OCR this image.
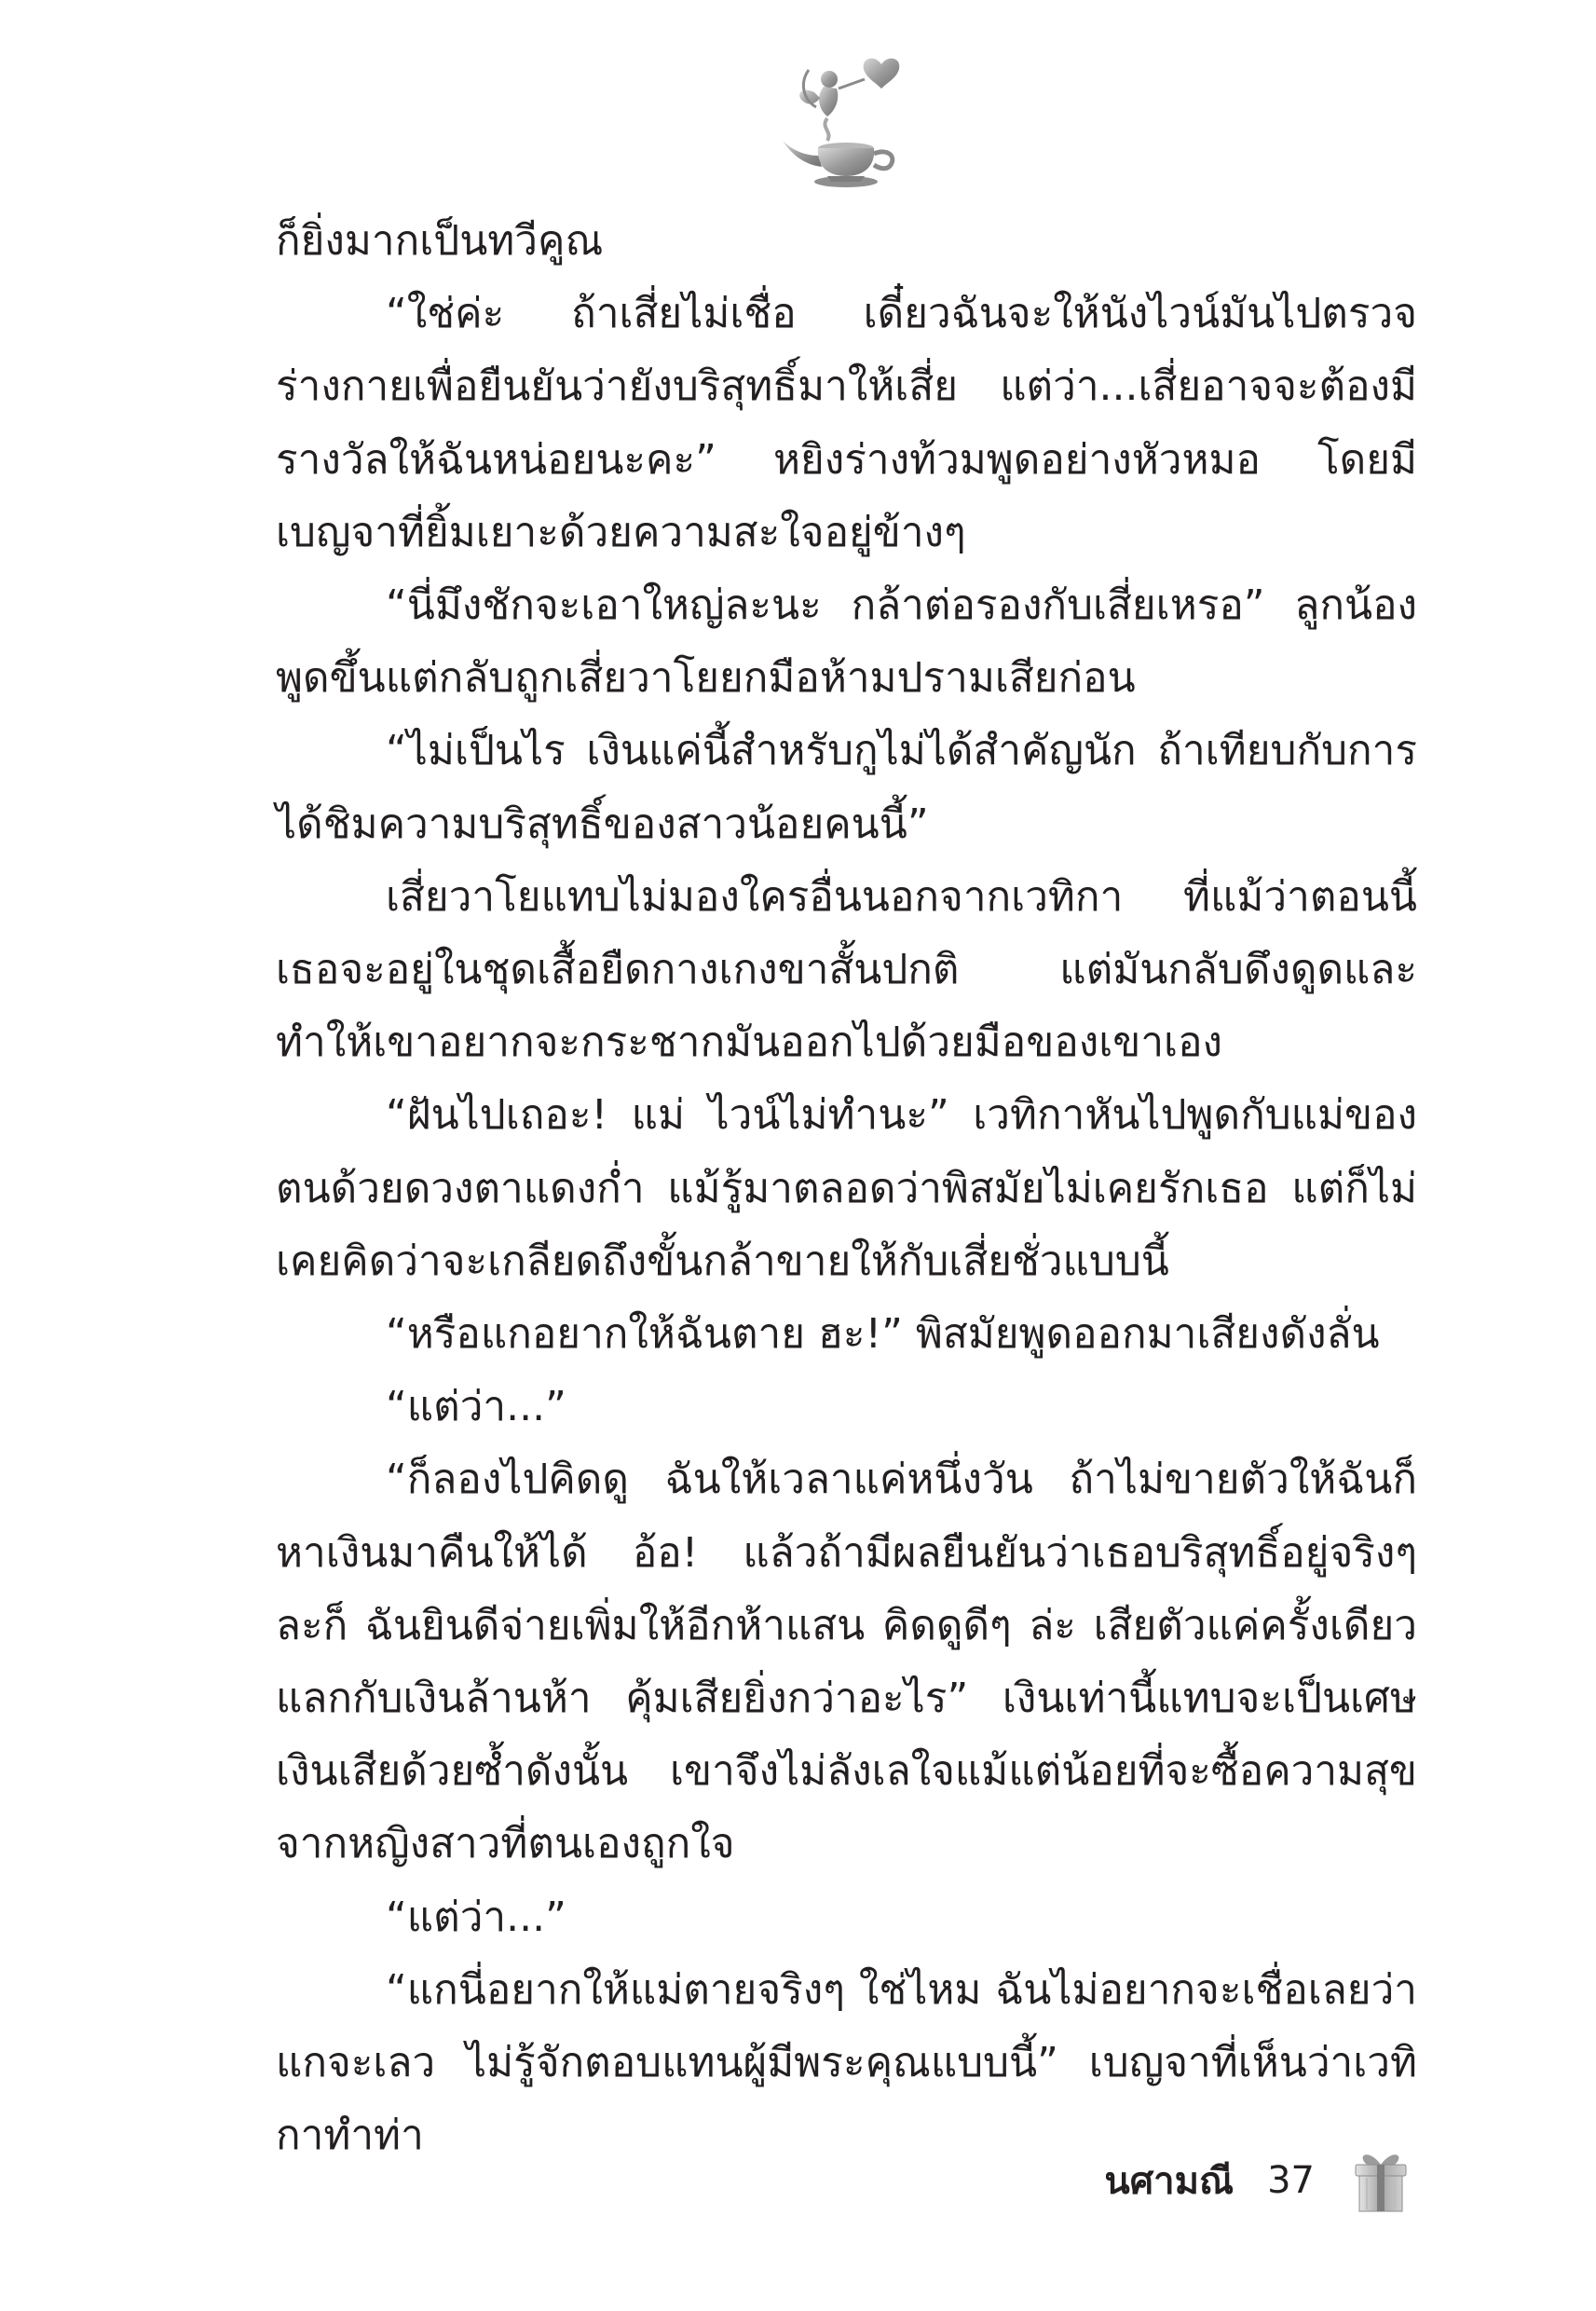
ก็ยิ่งมากเป็นทวีคูณ

“ใช่ค่ะ ถ้าเสี่ยไม่เชื่อ เดี๋ยวฉันจะให้นังไวน์มันไปตรวจร่างกายเพื่อยืนยันว่ายังบริสุทธิ์มาให้เสี่ย แต่ว่า...เสี่ยอาจจะต้องมีรางวัลให้ฉันหน่อยนะคะ” หยิงร่างท้วมพูดอย่างหัวหมอ โดยมีเบญจาที่ยิ้มเยาะด้วยความสะใจอยู่ข้างๆ

“นี่มึงชักจะเอาใหญ่ละนะ กล้าต่อรองกับเสี่ยเหรอ” ลูกน้องพูดขึ้นแต่กลับถูกเสี่ยวาโยยกมือห้ามปรามเสียก่อน

“ไม่เป็นไร เงินแค่นี้สำหรับกูไม่ได้สำคัญนัก ถ้าเทียบกับการได้ชิมความบริสุทธิ์ของสาวน้อยคนนี้”

เสี่ยวาโยแทบไม่มองใครอื่นนอกจากเวทิกา ที่แม้ว่าตอนนี้เธอจะอยู่ในชุดเสื้อยืดกางเกงขาสั้นปกติ แต่มันกลับดึงดูดและทำให้เขาอยากจะกระชากมันออกไปด้วยมือของเขาเอง

“ฝันไปเถอะ! แม่ ไวน์ไม่ทำนะ” เวทิกาหันไปพูดกับแม่ของตนด้วยดวงตาแดงก่ำ แม้รู้มาตลอดว่าพิสมัยไม่เคยรักเธอ แต่ก็ไม่เคยคิดว่าจะเกลียดถึงขั้นกล้าขายให้กับเสี่ยชั่วแบบนี้

“หรือแกอยากให้ฉันตาย ฮะ!” พิสมัยพูดออกมาเสียงดังลั่น

“แต่ว่า...”

“ก็ลองไปคิดดู ฉันให้เวลาแค่หนึ่งวัน ถ้าไม่ขายตัวให้ฉันก็หาเงินมาคืนให้ได้ อ้อ! แล้วถ้ามีผลยืนยันว่าเธอบริสุทธิ์อยู่จริงๆ ละก็ ฉันยินดีจ่ายเพิ่มให้อีกห้าแสน คิดดูดีๆ ล่ะ เสียตัวแค่ครั้งเดียวแลกกับเงินล้านห้า คุ้มเสียยิ่งกว่าอะไร” เงินเท่านี้แทบจะเป็นเศษเงินเสียด้วยซ้ำดังนั้น เขาจึงไม่ลังเลใจแม้แต่น้อยที่จะซื้อความสุขจากหญิงสาวที่ตนเองถูกใจ

“แต่ว่า...”

“แกนี่อยากให้แม่ตายจริงๆ ใช่ไหม ฉันไม่อยากจะเชื่อเลยว่าแกจะเลว ไม่รู้จักตอบแทนผู้มีพระคุณแบบนี้” เบญจาที่เห็นว่าเวทิกาทำท่า

นศามณี 37
